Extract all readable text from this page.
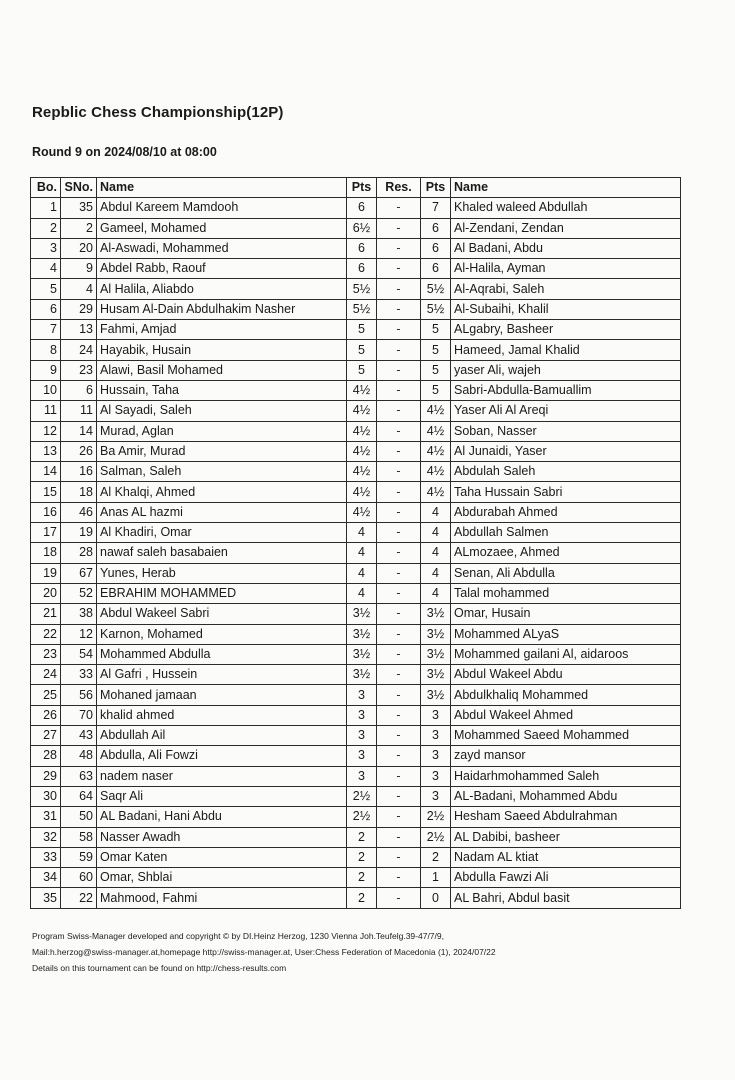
Repblic Chess Championship(12P)
Round 9 on 2024/08/10 at 08:00
Bo.	SNo.	Name	Pts	Res.	Pts	Name
1	35	Abdul Kareem Mamdooh	6	-	7	Khaled waleed Abdullah
2	2	Gameel, Mohamed	6½	-	6	Al-Zendani, Zendan
3	20	Al-Aswadi, Mohammed	6	-	6	Al Badani, Abdu
4	9	Abdel Rabb, Raouf	6	-	6	Al-Halila, Ayman
5	4	Al Halila, Aliabdo	5½	-	5½	Al-Aqrabi, Saleh
6	29	Husam Al-Dain Abdulhakim Nasher	5½	-	5½	Al-Subaihi, Khalil
7	13	Fahmi, Amjad	5	-	5	ALgabry, Basheer
8	24	Hayabik, Husain	5	-	5	Hameed, Jamal Khalid
9	23	Alawi, Basil Mohamed	5	-	5	yaser Ali, wajeh
10	6	Hussain, Taha	4½	-	5	Sabri-Abdulla-Bamuallim
11	11	Al Sayadi, Saleh	4½	-	4½	Yaser Ali Al Areqi
12	14	Murad, Aglan	4½	-	4½	Soban, Nasser
13	26	Ba Amir, Murad	4½	-	4½	Al Junaidi, Yaser
14	16	Salman, Saleh	4½	-	4½	Abdulah Saleh
15	18	Al Khalqi, Ahmed	4½	-	4½	Taha Hussain Sabri
16	46	Anas AL hazmi	4½	-	4	Abdurabah Ahmed
17	19	Al Khadiri, Omar	4	-	4	Abdullah Salmen
18	28	nawaf saleh basabaien	4	-	4	ALmozaee, Ahmed
19	67	Yunes, Herab	4	-	4	Senan, Ali Abdulla
20	52	EBRAHIM MOHAMMED	4	-	4	Talal mohammed
21	38	Abdul Wakeel Sabri	3½	-	3½	Omar, Husain
22	12	Karnon, Mohamed	3½	-	3½	Mohammed ALyaS
23	54	Mohammed Abdulla	3½	-	3½	Mohammed gailani Al, aidaroos
24	33	Al Gafri , Hussein	3½	-	3½	Abdul Wakeel Abdu
25	56	Mohaned jamaan	3	-	3½	Abdulkhaliq Mohammed
26	70	khalid ahmed	3	-	3	Abdul Wakeel Ahmed
27	43	Abdullah Ail	3	-	3	Mohammed Saeed Mohammed
28	48	Abdulla, Ali Fowzi	3	-	3	zayd mansor
29	63	nadem naser	3	-	3	Haidarhmohammed Saleh
30	64	Saqr Ali	2½	-	3	AL-Badani, Mohammed Abdu
31	50	AL Badani, Hani Abdu	2½	-	2½	Hesham Saeed Abdulrahman
32	58	Nasser Awadh	2	-	2½	AL Dabibi, basheer
33	59	Omar Katen	2	-	2	Nadam AL ktiat
34	60	Omar, Shblai	2	-	1	Abdulla Fawzi Ali
35	22	Mahmood, Fahmi	2	-	0	AL Bahri, Abdul basit
Program Swiss-Manager developed and copyright © by DI.Heinz Herzog, 1230 Vienna Joh.Teufelg.39-47/7/9,
Mail:h.herzog@swiss-manager.at,homepage http://swiss-manager.at, User:Chess Federation of Macedonia (1), 2024/07/22
Details on this tournament can be found on http://chess-results.com
